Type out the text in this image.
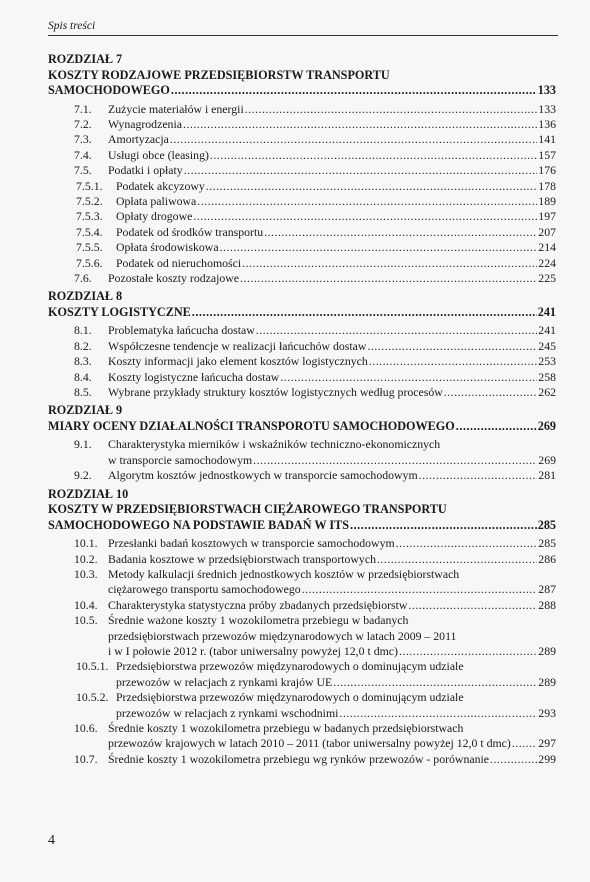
Spis treści
ROZDZIAŁ 7
KOSZTY RODZAJOWE PRZEDSIĘBIORSTW TRANSPORTU
SAMOCHODOWEGO .....	133
7.1.	Zużycie materiałów i energii .....	133
7.2.	Wynagrodzenia .....	136
7.3.	Amortyzacja .....	141
7.4.	Usługi obce (leasing) .....	157
7.5.	Podatki i opłaty .....	176
7.5.1.	Podatek akcyzowy .....	178
7.5.2.	Opłata paliwowa .....	189
7.5.3.	Opłaty drogowe .....	197
7.5.4.	Podatek od środków transportu .....	207
7.5.5.	Opłata środowiskowa .....	214
7.5.6.	Podatek od nieruchomości .....	224
7.6.	Pozostałe koszty rodzajowe .....	225
ROZDZIAŁ 8
KOSZTY LOGISTYCZNE .....	241
8.1.	Problematyka łańcucha dostaw .....	241
8.2.	Współczesne tendencje w realizacji łańcuchów dostaw .....	245
8.3.	Koszty informacji jako element kosztów logistycznych .....	253
8.4.	Koszty logistyczne łańcucha dostaw .....	258
8.5.	Wybrane przykłady struktury kosztów logistycznych według procesów .....	262
ROZDZIAŁ 9
MIARY OCENY DZIAŁALNOŚCI TRANSPOROTU SAMOCHODOWEGO .....	269
9.1.	Charakterystyka mierników i wskaźników techniczno-ekonomicznych
w transporcie samochodowym .....	269
9.2.	Algorytm kosztów jednostkowych w transporcie samochodowym .....	281
ROZDZIAŁ 10
KOSZTY W PRZEDSIĘBIORSTWACH CIĘŻAROWEGO TRANSPORTU
SAMOCHODOWEGO NA PODSTAWIE BADAŃ W ITS .....	285
10.1. Przesłanki badań kosztowych w transporcie samochodowym .....	285
10.2. Badania kosztowe w przedsiębiorstwach transportowych .....	286
10.3. Metody kalkulacji średnich jednostkowych kosztów w przedsiębiorstwach
ciężarowego transportu samochodowego .....	287
10.4. Charakterystyka statystyczna próby zbadanych przedsiębiorstw .....	288
10.5. Średnie ważone koszty 1 wozokilometra przebiegu w badanych
przedsiębiorstwach przewozów międzynarodowych w latach 2009 – 2011
i w I połowie 2012 r. (tabor uniwersalny powyżej 12,0 t dmc) .....	289
10.5.1. Przedsiębiorstwa przewozów międzynarodowych o dominującym udziale
przewozów w relacjach z rynkami krajów UE .....	289
10.5.2. Przedsiębiorstwa przewozów międzynarodowych o dominującym udziale
przewozów w relacjach z rynkami wschodnimi .....	293
10.6. Średnie koszty 1 wozokilometra przebiegu w badanych przedsiębiorstwach
przewozów krajowych w latach 2010 – 2011 (tabor uniwersalny powyżej 12,0 t dmc) ..... 297
10.7. Średnie koszty 1 wozokilometra przebiegu wg rynków przewozów - porównanie .....	299
4
